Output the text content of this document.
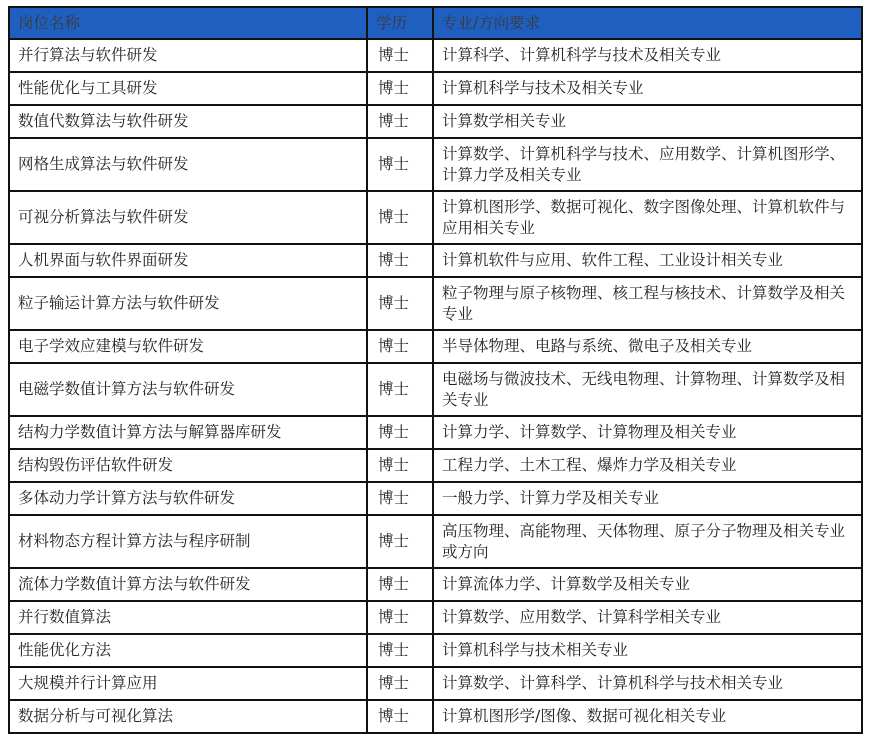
岗位名称	学历	专业/方向要求
并行算法与软件研发	博士	计算科学、计算机科学与技术及相关专业
性能优化与工具研发	博士	计算机科学与技术及相关专业
数值代数算法与软件研发	博士	计算数学相关专业
网格生成算法与软件研发	博士	计算数学、计算机科学与技术、应用数学、计算机图形学、计算力学及相关专业
可视分析算法与软件研发	博士	计算机图形学、数据可视化、数字图像处理、计算机软件与应用相关专业
人机界面与软件界面研发	博士	计算机软件与应用、软件工程、工业设计相关专业
粒子输运计算方法与软件研发	博士	粒子物理与原子核物理、核工程与核技术、计算数学及相关专业
电子学效应建模与软件研发	博士	半导体物理、电路与系统、微电子及相关专业
电磁学数值计算方法与软件研发	博士	电磁场与微波技术、无线电物理、计算物理、计算数学及相关专业
结构力学数值计算方法与解算器库研发	博士	计算力学、计算数学、计算物理及相关专业
结构毁伤评估软件研发	博士	工程力学、土木工程、爆炸力学及相关专业
多体动力学计算方法与软件研发	博士	一般力学、计算力学及相关专业
材料物态方程计算方法与程序研制	博士	高压物理、高能物理、天体物理、原子分子物理及相关专业或方向
流体力学数值计算方法与软件研发	博士	计算流体力学、计算数学及相关专业
并行数值算法	博士	计算数学、应用数学、计算科学相关专业
性能优化方法	博士	计算机科学与技术相关专业
大规模并行计算应用	博士	计算数学、计算科学、计算机科学与技术相关专业
数据分析与可视化算法	博士	计算机图形学/图像、数据可视化相关专业
